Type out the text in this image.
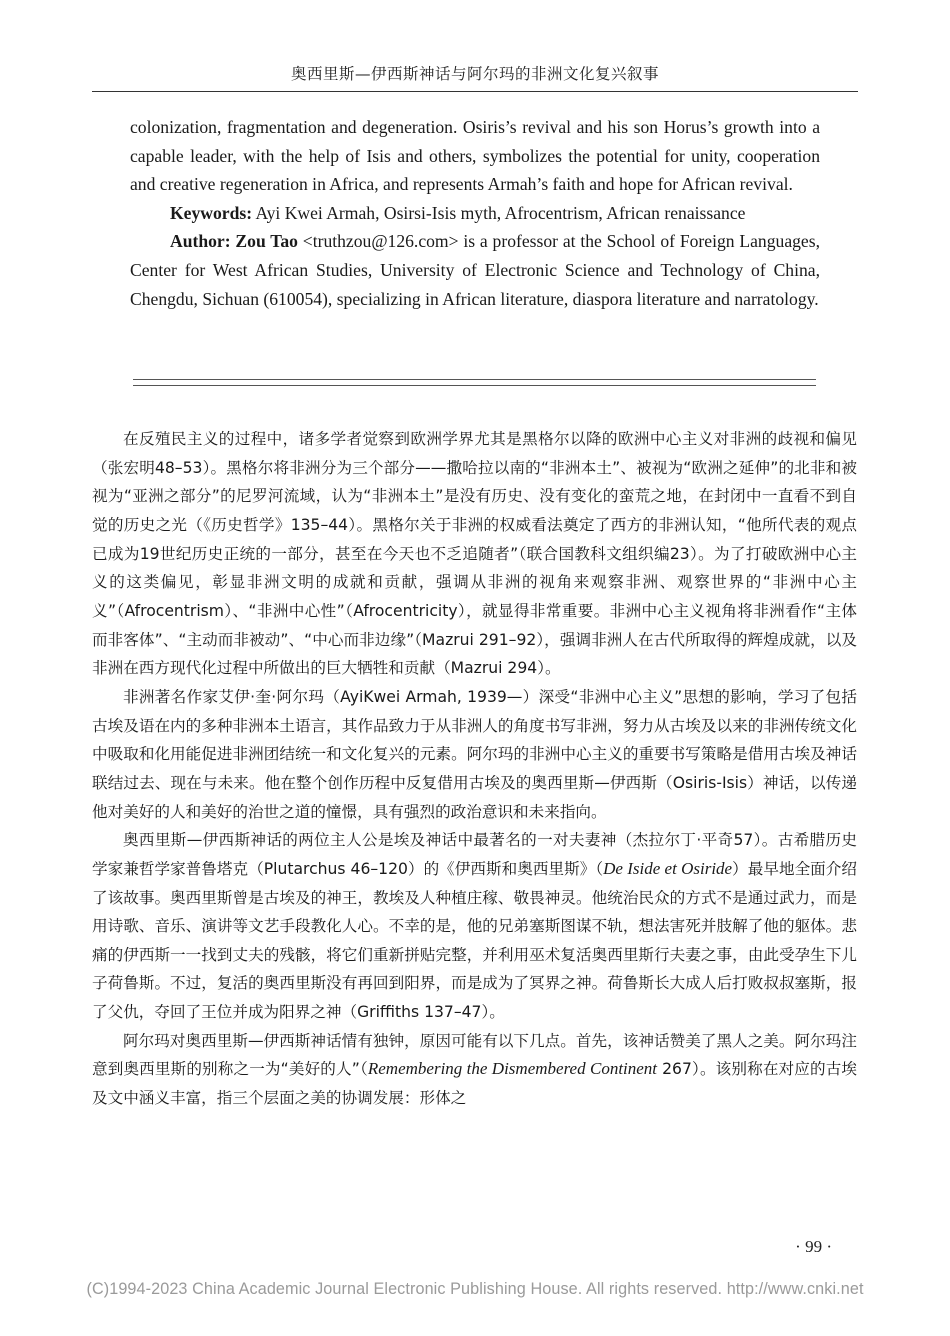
奥西里斯—伊西斯神话与阿尔玛的非洲文化复兴叙事

colonization, fragmentation and degeneration. Osiris’s revival and his son Horus’s growth into a capable leader, with the help of Isis and others, symbolizes the potential for unity, cooperation and creative regeneration in Africa, and represents Armah’s faith and hope for African revival.

Keywords: Ayi Kwei Armah, Osirsi-Isis myth, Afrocentrism, African renaissance

Author: Zou Tao <truthzou@126.com> is a professor at the School of Foreign Languages, Center for West African Studies, University of Electronic Science and Technology of China, Chengdu, Sichuan (610054), specializing in African literature, diaspora literature and narratology.

在反殖民主义的过程中，诸多学者觉察到欧洲学界尤其是黑格尔以降的欧洲中心主义对非洲的歧视和偏见（张宏明48–53）。黑格尔将非洲分为三个部分——撒哈拉以南的“非洲本土”、被视为“欧洲之延伸”的北非和被视为“亚洲之部分”的尼罗河流域，认为“非洲本土”是没有历史、没有变化的蛮荒之地，在封闭中一直看不到自觉的历史之光（《历史哲学》135–44）。黑格尔关于非洲的权威看法奠定了西方的非洲认知，“他所代表的观点已成为19世纪历史正统的一部分，甚至在今天也不乏追随者”（联合国教科文组织编23）。为了打破欧洲中心主义的这类偏见，彰显非洲文明的成就和贡献，强调从非洲的视角来观察非洲、观察世界的“非洲中心主义”（Afrocentrism）、“非洲中心性”（Afrocentricity），就显得非常重要。非洲中心主义视角将非洲看作“主体而非客体”、“主动而非被动”、“中心而非边缘”（Mazrui 291–92），强调非洲人在古代所取得的辉煌成就，以及非洲在西方现代化过程中所做出的巨大牺牲和贡献（Mazrui 294）。

非洲著名作家艾伊·奎·阿尔玛（AyiKwei Armah, 1939—）深受“非洲中心主义”思想的影响，学习了包括古埃及语在内的多种非洲本土语言，其作品致力于从非洲人的角度书写非洲，努力从古埃及以来的非洲传统文化中吸取和化用能促进非洲团结统一和文化复兴的元素。阿尔玛的非洲中心主义的重要书写策略是借用古埃及神话联结过去、现在与未来。他在整个创作历程中反复借用古埃及的奥西里斯—伊西斯（Osiris-Isis）神话，以传递他对美好的人和美好的治世之道的憧憬，具有强烈的政治意识和未来指向。

奥西里斯—伊西斯神话的两位主人公是埃及神话中最著名的一对夫妻神（杰拉尔丁·平奇57）。古希腊历史学家兼哲学家普鲁塔克（Plutarchus 46–120）的《伊西斯和奥西里斯》（De Iside et Osiride）最早地全面介绍了该故事。奥西里斯曾是古埃及的神王，教埃及人种植庄稼、敬畏神灵。他统治民众的方式不是通过武力，而是用诗歌、音乐、演讲等文艺手段教化人心。不幸的是，他的兄弟塞斯图谋不轨，想法害死并肢解了他的躯体。悲痛的伊西斯一一找到丈夫的残骸，将它们重新拼贴完整，并利用巫术复活奥西里斯行夫妻之事，由此受孕生下儿子荷鲁斯。不过，复活的奥西里斯没有再回到阳界，而是成为了冥界之神。荷鲁斯长大成人后打败叔叔塞斯，报了父仇，夺回了王位并成为阳界之神（Griffiths 137–47）。

阿尔玛对奥西里斯—伊西斯神话情有独钟，原因可能有以下几点。首先，该神话赞美了黑人之美。阿尔玛注意到奥西里斯的别称之一为“美好的人”（Remembering the Dismembered Continent 267）。该别称在对应的古埃及文中涵义丰富，指三个层面之美的协调发展：形体之

· 99 ·
(C)1994-2023 China Academic Journal Electronic Publishing House. All rights reserved. http://www.cnki.net
